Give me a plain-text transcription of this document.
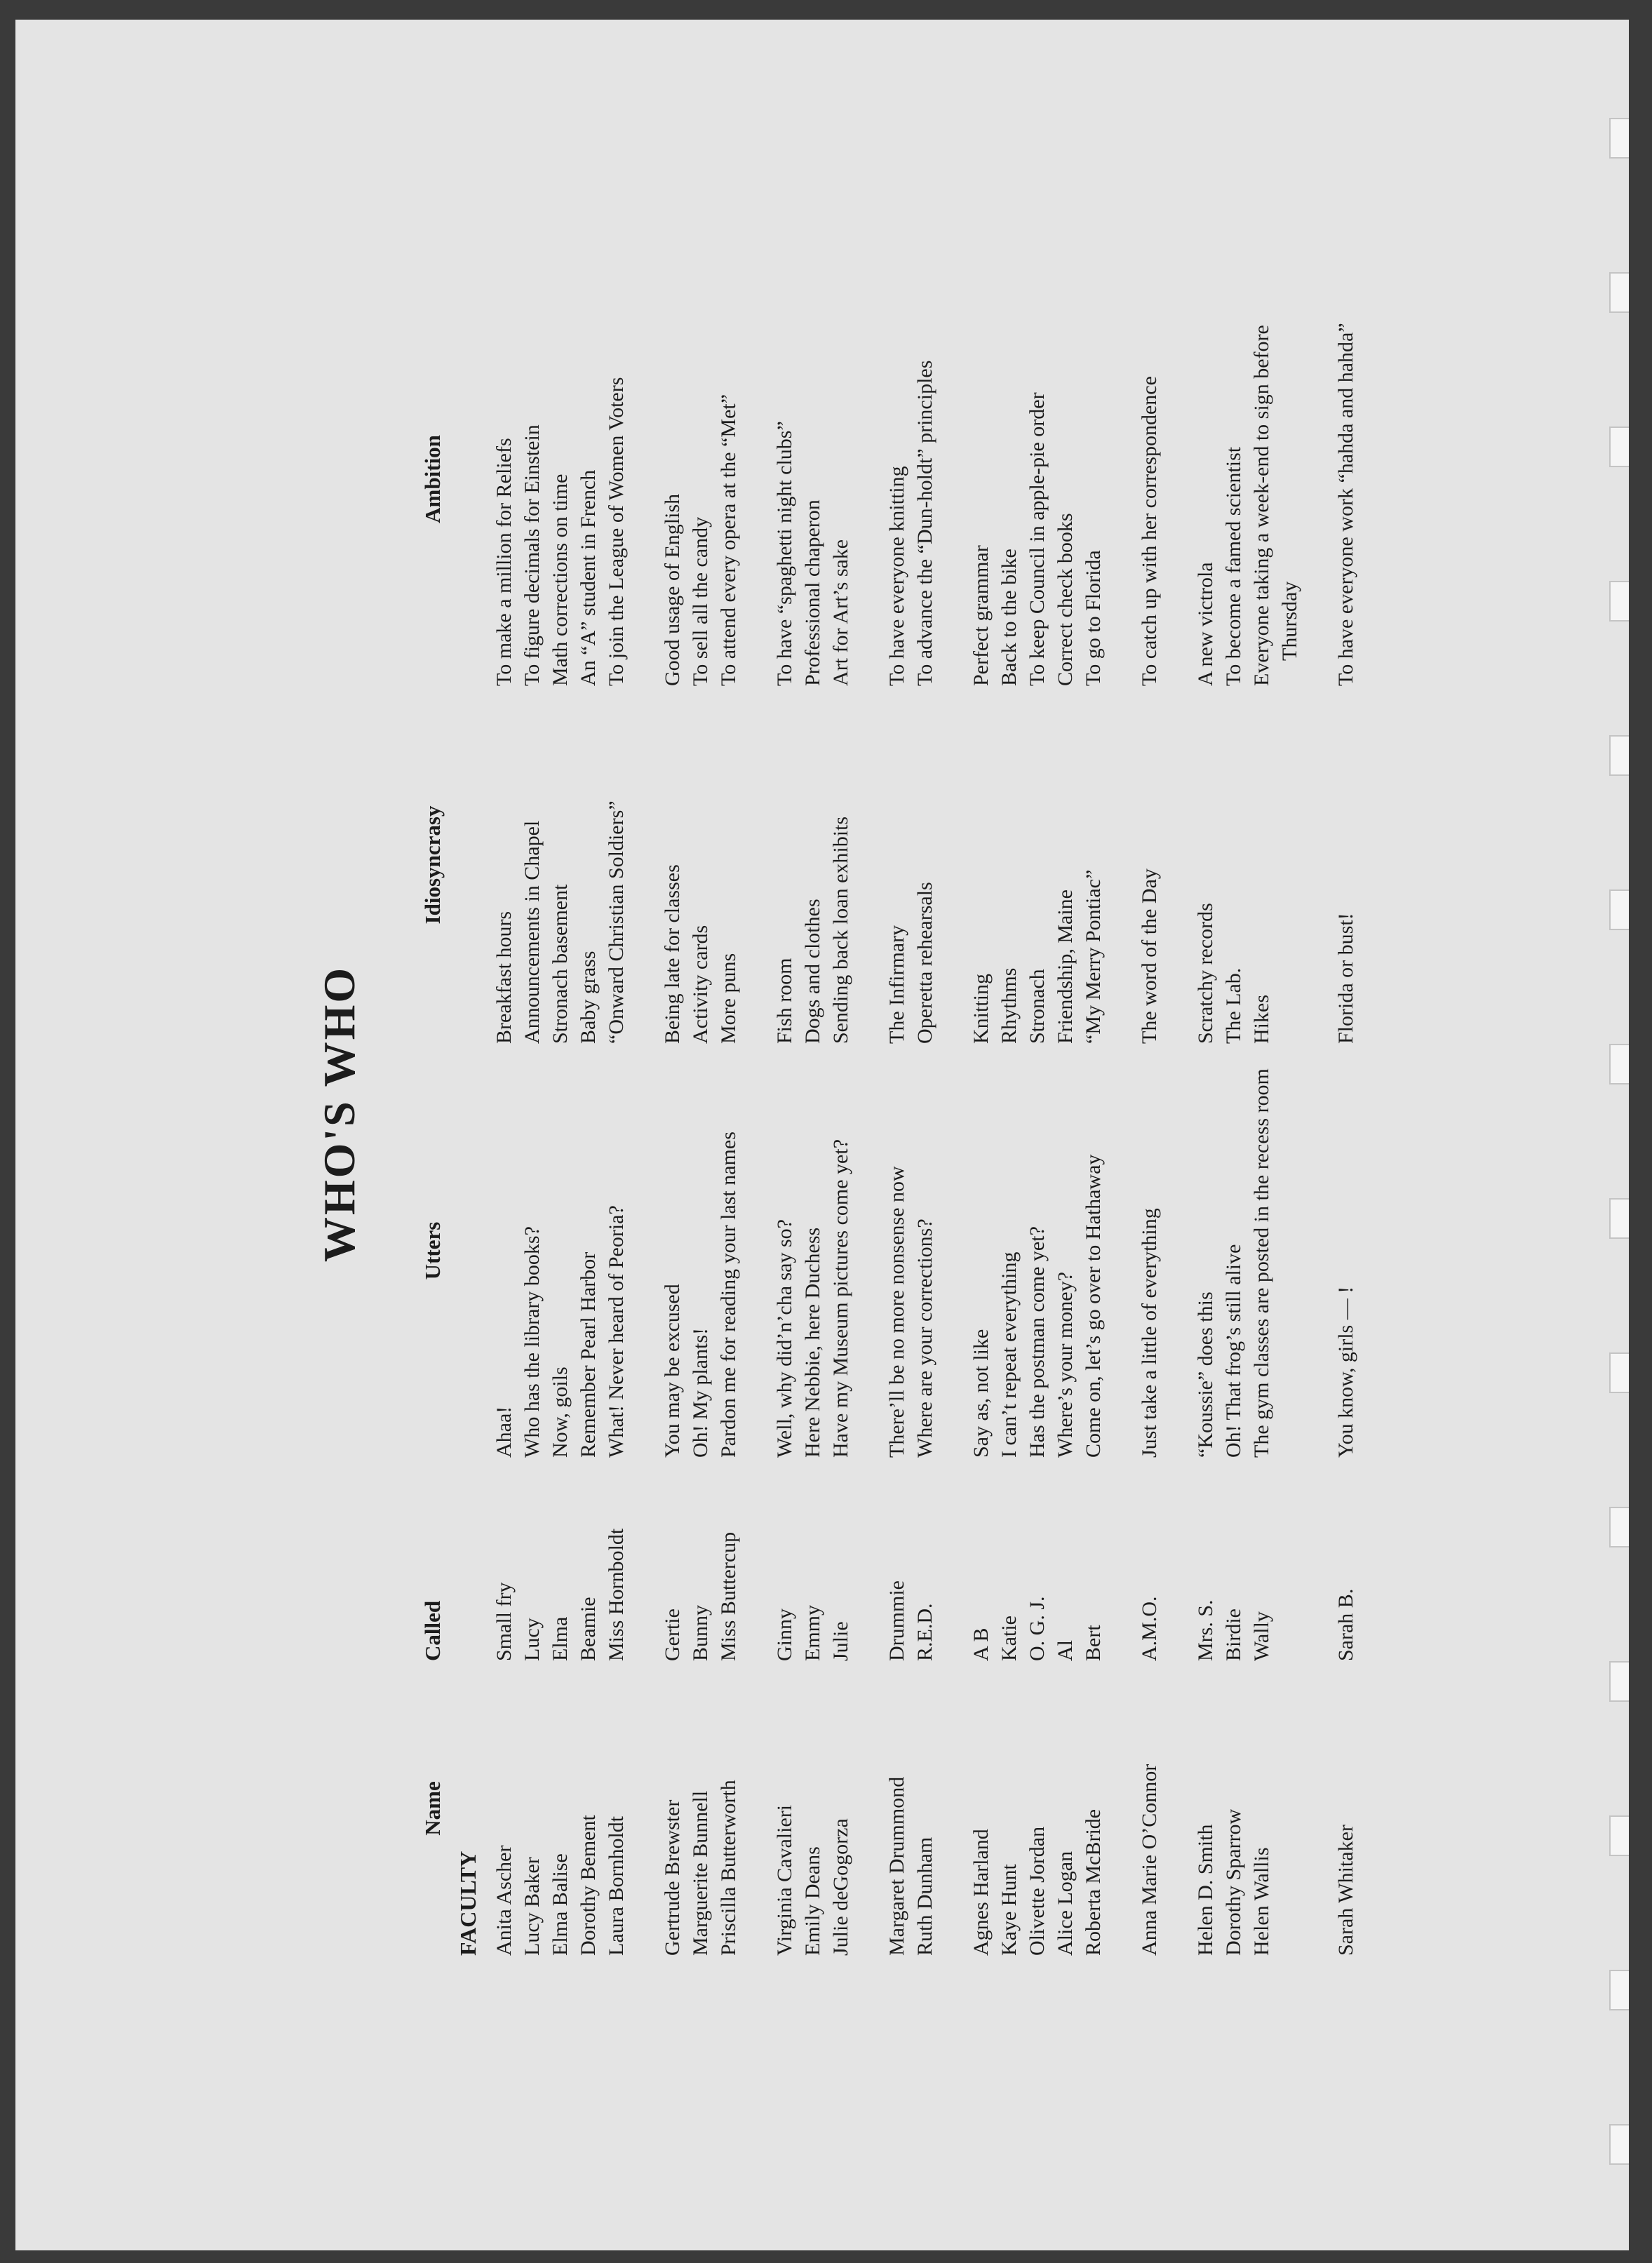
WHO'S WHO
Name	Called	Utters	Idiosyncrasy	Ambition
FACULTY				

Anita Ascher	Small fry	Ahaa!	Breakfast hours	To make a million for Reliefs

Lucy Baker	Lucy	Who has the library books?	Announcements in Chapel	To figure decimals for Einstein

Elma Balise	Elma	Now, goils	Stronach basement	Math corrections on time

Dorothy Bement	Beamie	Remember Pearl Harbor	Baby grass	An “A” student in French

Laura Bornholdt	Miss Hornboldt	What! Never heard of Peoria?	“Onward Christian Soldiers”	To join the League of Women Voters

Gertrude Brewster	Gertie	You may be excused	Being late for classes	Good usage of English

Marguerite Bunnell	Bunny	Oh! My plants!	Activity cards	To sell all the candy

Priscilla Butterworth	Miss Buttercup	Pardon me for reading your last names	More puns	To attend every opera at the “Met”

Virginia Cavalieri	Ginny	Well, why did’n’cha say so?	Fish room	To have “spaghetti night clubs”

Emily Deans	Emmy	Here Nebbie, here Duchess	Dogs and clothes	Professional chaperon

Julie deGogorza	Julie	Have my Museum pictures come yet?	Sending back loan exhibits	Art for Art’s sake

Margaret Drummond	Drummie	There’ll be no more nonsense now	The Infirmary	To have everyone knitting

Ruth Dunham	R.E.D.	Where are your corrections?	Operetta rehearsals	To advance the “Dun-holdt” principles

Agnes Harland	A B	Say as, not like	Knitting	Perfect grammar

Kaye Hunt	Katie	I can’t repeat everything	Rhythms	Back to the bike

Olivette Jordan	O. G. J.	Has the postman come yet?	Stronach	To keep Council in apple-pie order

Alice Logan	Al	Where’s your money?	Friendship, Maine	Correct check books

Roberta McBride	Bert	Come on, let’s go over to Hathaway	“My Merry Pontiac”	To go to Florida

Anna Marie O’Connor	A.M.O.	Just take a little of everything	The word of the Day	To catch up with her correspondence

Helen D. Smith	Mrs. S.	“Koussie” does this	Scratchy records	A new victrola

Dorothy Sparrow	Birdie	Oh! That frog’s still alive	The Lab.	To become a famed scientist

Helen Wallis	Wally	The gym classes are posted in the recess room	Hikes	Everyone taking a week-end to sign before Thursday

Sarah Whitaker	Sarah B.	You know, girls — !	Florida or bust!	To have everyone work “hahda and hahda”
